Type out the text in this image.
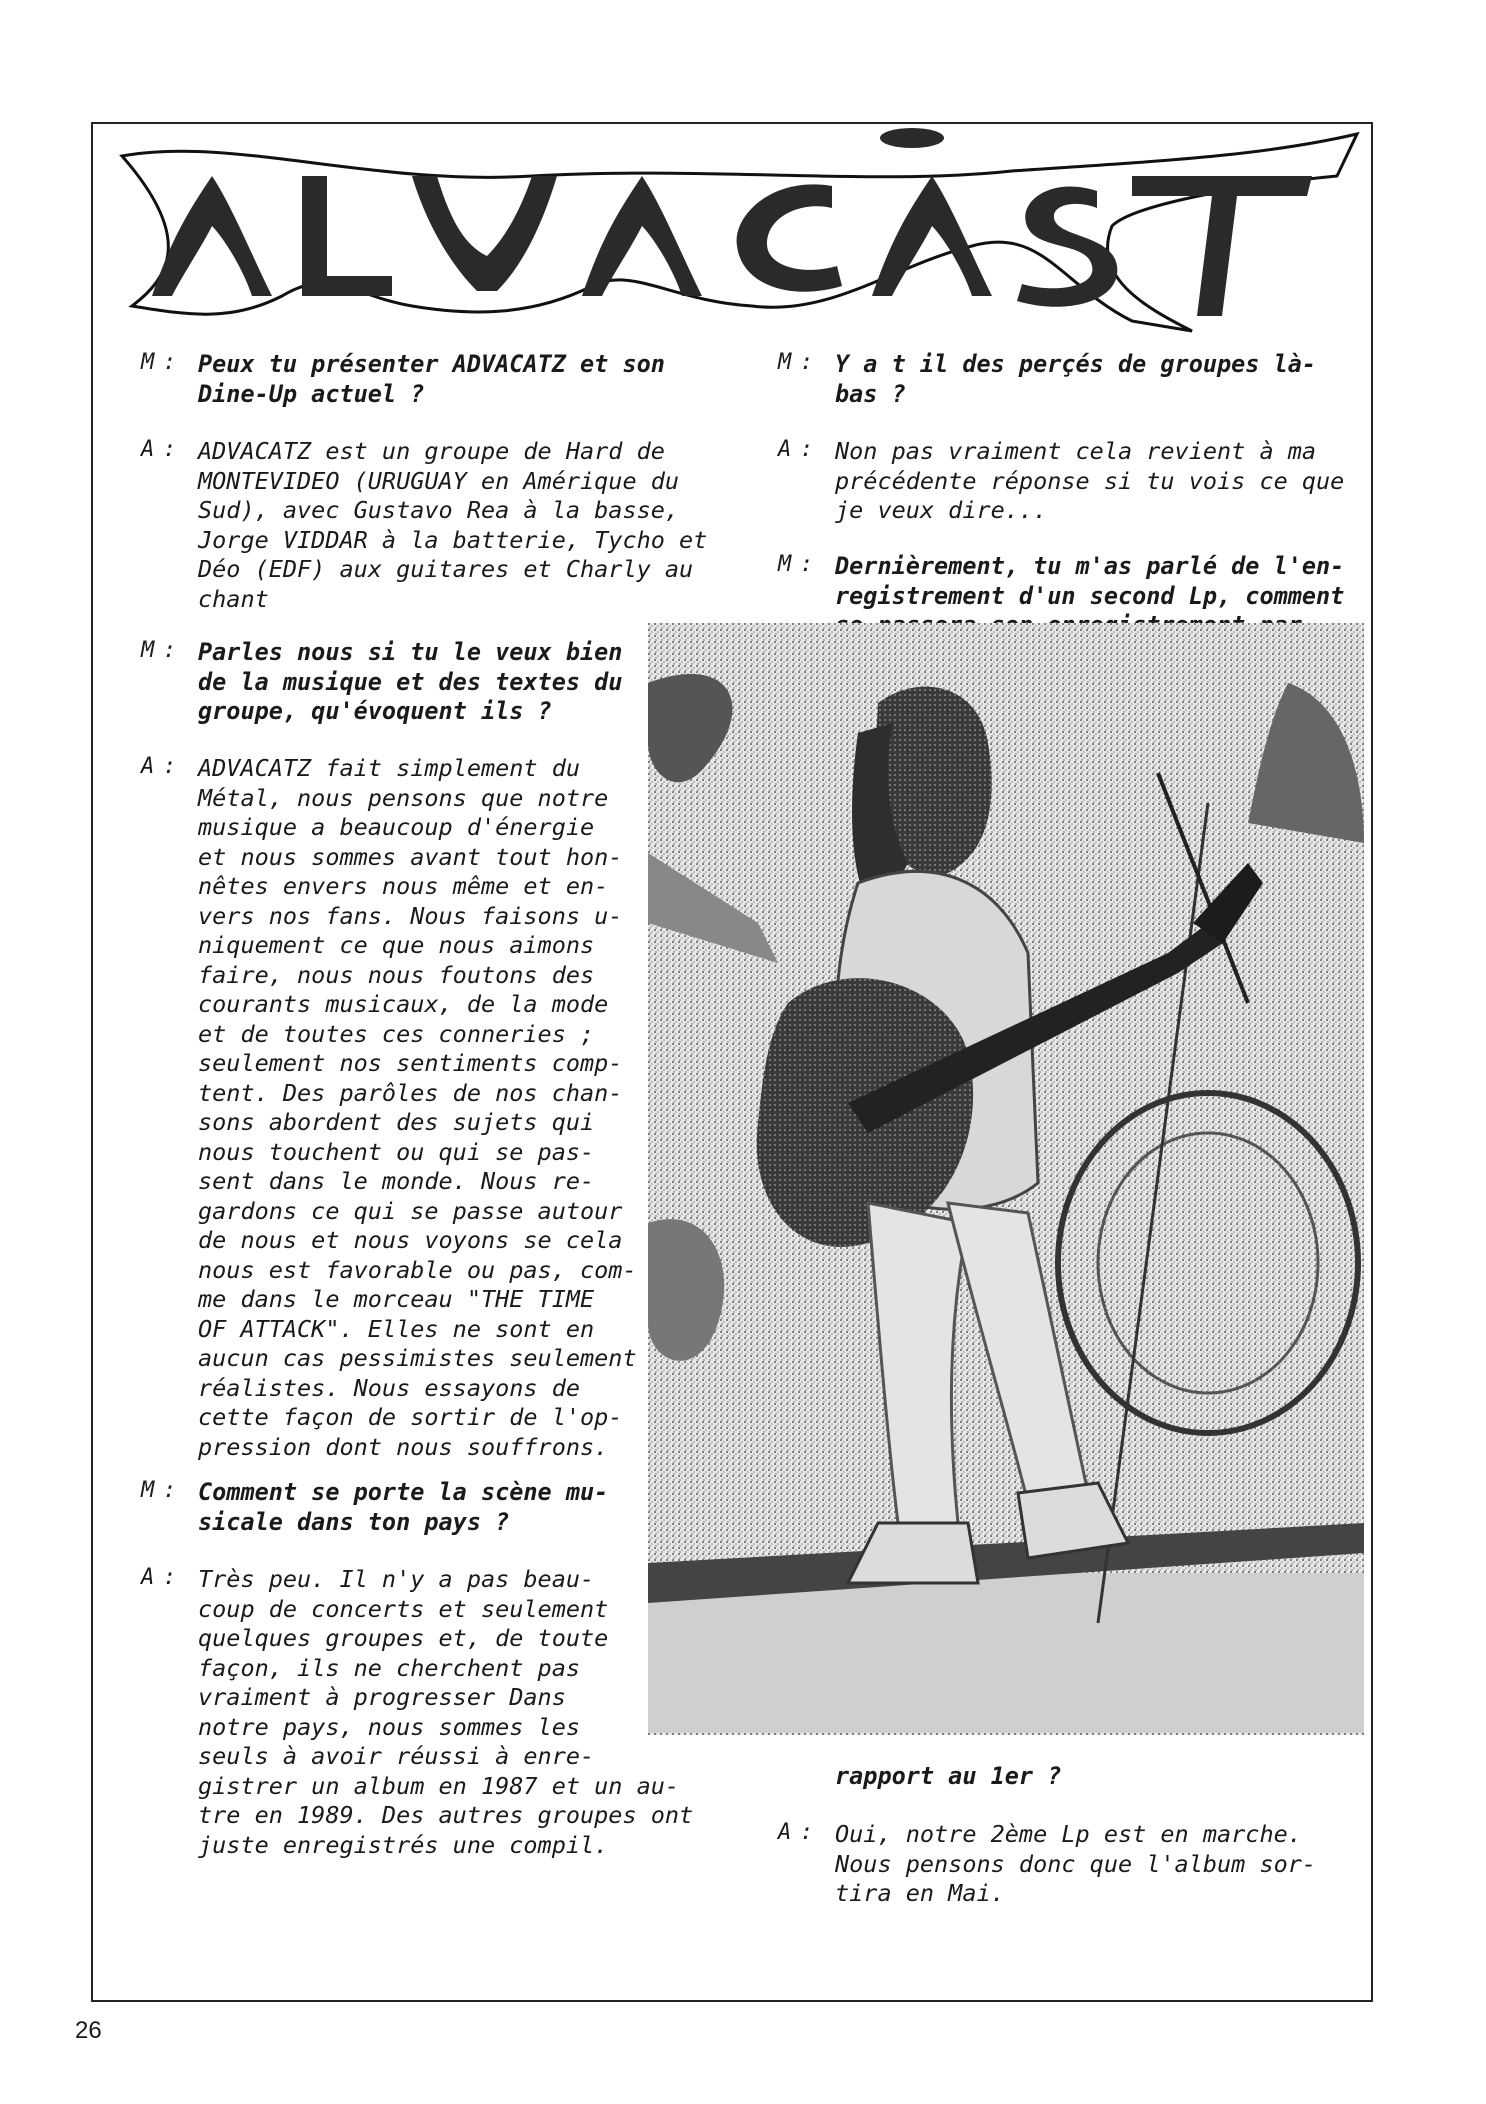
M : Peux tu présenter ADVACATZ et son
Dine-Up actuel ?
A : ADVACATZ est un groupe de Hard de
MONTEVIDEO (URUGUAY en Amérique du
Sud), avec Gustavo Rea à la basse,
Jorge VIDDAR à la batterie, Tycho et
Déo (EDF) aux guitares et Charly au
chant
M : Parles nous si tu le veux bien
de la musique et des textes du
groupe, qu'évoquent ils ?
A : ADVACATZ fait simplement du
Métal, nous pensons que notre
musique a beaucoup d'énergie
et nous sommes avant tout hon-
nêtes envers nous même et en-
vers nos fans. Nous faisons u-
niquement ce que nous aimons
faire, nous nous foutons des
courants musicaux, de la mode
et de toutes ces conneries ;
seulement nos sentiments comp-
tent. Des parôles de nos chan-
sons abordent des sujets qui
nous touchent ou qui se pas-
sent dans le monde. Nous re-
gardons ce qui se passe autour
de nous et nous voyons se cela
nous est favorable ou pas, com-
me dans le morceau "THE TIME
OF ATTACK". Elles ne sont en
aucun cas pessimistes seulement
réalistes. Nous essayons de
cette façon de sortir de l'op-
pression dont nous souffrons.
M : Comment se porte la scène mu-
sicale dans ton pays ?
A : Très peu. Il n'y a pas beau-
coup de concerts et seulement
quelques groupes et, de toute
façon, ils ne cherchent pas
vraiment à progresser Dans
notre pays, nous sommes les
seuls à avoir réussi à enre-
gistrer un album en 1987 et un au-
tre en 1989. Des autres groupes ont
juste enregistrés une compil.
M : Y a t il des perçés de groupes là-
bas ?
A : Non pas vraiment cela revient à ma
précédente réponse si tu vois ce que
je veux dire...
M : Dernièrement, tu m'as parlé de l'en-
registrement d'un second Lp, comment

rapport au 1er ?
A : Oui, notre 2ème Lp est en marche.
Nous pensons donc que l'album sor-
tira en Mai.
26
